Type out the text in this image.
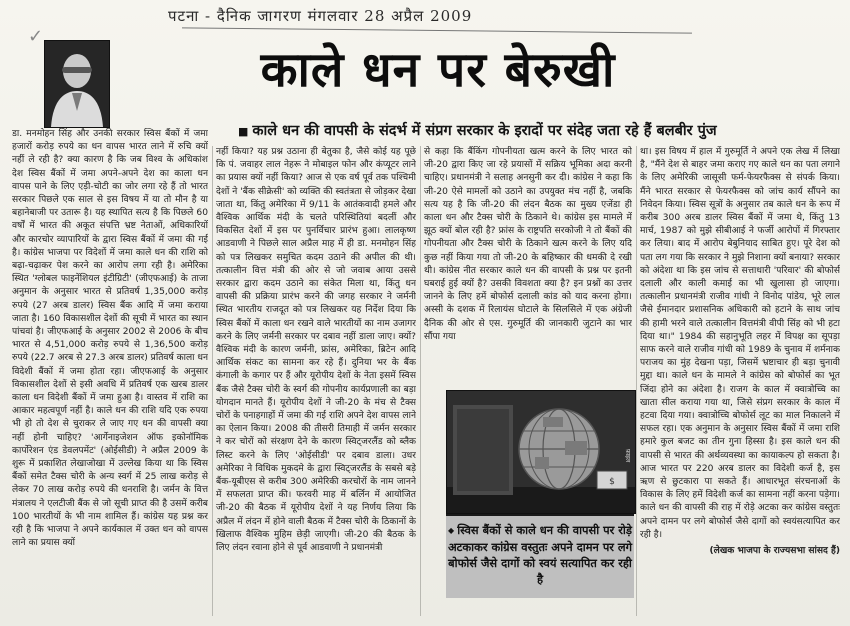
✓
पटना - दैनिक जागरण मंगलवार 28 अप्रैल 2009
काले धन पर बेरुखी
■ काले धन की वापसी के संदर्भ में संप्रग सरकार के इरादों पर संदेह जता रहे हैं बलबीर पुंज

डा. मनमोहन सिंह और उनकी सरकार स्विस बैंकों में जमा हजारों करोड़ रुपये का धन वापस भारत लाने में रुचि क्यों नहीं ले रही है? क्या कारण है कि जब विश्व के अधिकांश देश स्विस बैंकों में जमा अपने-अपने देश का काला धन वापस पाने के लिए एड़ी-चोटी का जोर लगा रहे हैं तो भारत सरकार पिछले एक साल से इस विषय में या तो मौन है या बहानेबाजी पर उतारू है। यह स्थापित सत्य है कि पिछले 60 वर्षों में भारत की अकूत संपत्ति भ्रष्ट नेताओं, अधिकारियों और कारचोर व्यापारियों के द्वारा स्विस बैंकों में जमा की गई है। कांग्रेस भाजपा पर विदेशों में जमा काले धन की राशि को बढ़ा-चढ़ाकर पेश करने का आरोप लगा रही है। अमेरिका स्थित 'ग्लोबल फाइनेंशियल इंटीग्रिटी' (जीएफआई) के ताजा अनुमान के अनुसार भारत से प्रतिवर्ष 1,35,000 करोड़ रुपये (27 अरब डालर) स्विस बैंक आदि में जमा कराया जाता है। 160 विकासशील देशों की सूची में भारत का स्थान पांचवां है। जीएफआई के अनुसार 2002 से 2006 के बीच भारत से 4,51,000 करोड़ रुपये से 1,36,500 करोड़ रुपये (22.7 अरब से 27.3 अरब डालर) प्रतिवर्ष काला धन विदेशी बैंकों में जमा होता रहा। जीएफआई के अनुसार विकासशील देशों से इसी अवधि में प्रतिवर्ष एक खरब डालर काला धन विदेशी बैंकों में जमा हुआ है। वास्तव में राशि का आकार महत्वपूर्ण नहीं है। काले धन की राशि यदि एक रुपया भी हो तो देश से चुराकर ले जाए गए धन की वापसी क्या नहीं होनी चाहिए? 'आर्गेनाइजेशन ऑफ इकोनॉमिक कार्पोरेशन एंड डेवलपमेंट' (ओईसीडी) ने अप्रैल 2009 के शुरू में प्रकाशित लेखाजोखा में उल्लेख किया था कि स्विस बैंकों समेत टैक्स चोरी के अन्य स्वर्ग में 25 लाख करोड़ से लेकर 70 लाख करोड़ रुपये की धनराशि है। जर्मन के वित्त मंत्रालय ने एलटीजी बैंक से जो सूची प्राप्त की है उसमें करीब 100 भारतीयों के भी नाम शामिल हैं। कांग्रेस यह प्रश्न कर रही है कि भाजपा ने अपने कार्यकाल में उक्त धन को वापस लाने का प्रयास क्यों

नहीं किया? यह प्रश्न उठाना ही बेतुका है, जैसे कोई यह पूछे कि पं. जवाहर लाल नेहरू ने मोबाइल फोन और कंप्यूटर लाने का प्रयास क्यों नहीं किया? आज से एक वर्ष पूर्व तक पश्चिमी देशों ने 'बैंक सीक्रेसी' को व्यक्ति की स्वतंत्रता से जोड़कर देखा जाता था, किंतु अमेरिका में 9/11 के आतंकवादी हमले और वैश्विक आर्थिक मंदी के चलते परिस्थितियां बदलीं और विकसित देशों में इस पर पुनर्विचार प्रारंभ हुआ। लालकृष्ण आडवाणी ने पिछले साल अप्रैल माह में ही डा. मनमोहन सिंह को पत्र लिखकर समुचित कदम उठाने की अपील की थी। तत्कालीन वित्त मंत्री की ओर से जो जवाब आया उससे सरकार द्वारा कदम उठाने का संकेत मिला था, किंतु धन वापसी की प्रक्रिया प्रारंभ करने की जगह सरकार ने जर्मनी स्थित भारतीय राजदूत को पत्र लिखकर यह निर्देश दिया कि स्विस बैंकों में काला धन रखने वाले भारतीयों का नाम उजागर करने के लिए जर्मनी सरकार पर दबाव नहीं डाला जाए। क्यों? वैश्विक मंदी के कारण जर्मनी, फ्रांस, अमेरिका, ब्रिटेन आदि आर्थिक संकट का सामना कर रहे हैं। दुनिया भर के बैंक कंगाली के कगार पर हैं और यूरोपीय देशों के नेता इसमें स्विस बैंक जैसे टैक्स चोरी के स्वर्ग की गोपनीय कार्यप्रणाली का बड़ा योगदान मानते हैं। यूरोपीय देशों ने जी-20 के मंच से टैक्स चोरों के पनाहगाहों में जमा की गई राशि अपने देश वापस लाने का ऐलान किया। 2008 की तीसरी तिमाही में जर्मन सरकार ने कर चोरों को संरक्षण देने के कारण स्विट्जरलैंड को ब्लैक लिस्ट करने के लिए 'ओईसीडी' पर दबाव डाला। उधर अमेरिका ने विधिक मुकदमे के द्वारा स्विट्जरलैंड के सबसे बड़े बैंक-यूबीएस से करीब 300 अमेरिकी करचोरों के नाम जानने में सफलता प्राप्त की। फरवरी माह में बर्लिन में आयोजित जी-20 की बैठक में यूरोपीय देशों ने यह निर्णय लिया कि अप्रैल में लंदन में होने वाली बैठक में टैक्स चोरी के ठिकानों के खिलाफ वैश्विक मुहिम छेड़ी जाएगी। जी-20 की बैठक के लिए लंदन रवाना होने से पूर्व आडवाणी ने प्रधानमंत्री

से कहा कि बैंकिंग गोपनीयता खत्म करने के लिए भारत को जी-20 द्वारा किए जा रहे प्रयासों में सक्रिय भूमिका अदा करनी चाहिए। प्रधानमंत्री ने सलाह अनसुनी कर दी। कांग्रेस ने कहा कि जी-20 ऐसे मामलों को उठाने का उपयुक्त मंच नहीं है, जबकि सत्य यह है कि जी-20 की लंदन बैठक का मुख्य एजेंडा ही काला धन और टैक्स चोरी के ठिकाने थे। कांग्रेस इस मामले में झूठ क्यों बोल रही है? फ्रांस के राष्ट्रपति सरकोजी ने तो बैंकों की गोपनीयता और टैक्स चोरी के ठिकाने खत्म करने के लिए यदि कुछ नहीं किया गया तो जी-20 के बहिष्कार की धमकी दे रखी थी। कांग्रेस नीत सरकार काले धन की वापसी के प्रश्न पर इतनी घबराई हुई क्यों है? उसकी विवशता क्या है? इन प्रश्नों का उत्तर जानने के लिए हमें बोफोर्स दलाली कांड को याद करना होगा। अस्सी के दशक में रिलायंस घोटाले के सिलसिले में एक अंग्रेजी दैनिक की ओर से एस. गुरुमूर्ति की जानकारी जुटाने का भार सौंपा गया

$
फ़ाइल
◆ स्विस बैंकों से काले धन की वापसी पर रोड़े अटकाकर कांग्रेस वस्तुतः अपने दामन पर लगे बोफोर्स जैसे दागों को स्वयं सत्यापित कर रही है

था। इस विषय में हाल में गुरुमूर्ति ने अपने एक लेख में लिखा है, "मैंने देश से बाहर जमा कराए गए काले धन का पता लगाने के लिए अमेरिकी जासूसी फर्म-फेयरफैक्स से संपर्क किया। मैंने भारत सरकार से फेयरफैक्स को जांच कार्य सौंपने का निवेदन किया। स्विस सूत्रों के अनुसार तब काले धन के रूप में करीब 300 अरब डालर स्विस बैंकों में जमा थे, किंतु 13 मार्च, 1987 को मुझे सीबीआई ने फर्जी आरोपों में गिरफ्तार कर लिया। बाद में आरोप बेबुनियाद साबित हुए। पूरे देश को पता लग गया कि सरकार ने मुझे निशाना क्यों बनाया? सरकार को अंदेशा था कि इस जांच से सत्ताधारी 'परिवार' की बोफोर्स दलाली और काली कमाई का भी खुलासा हो जाएगा। तत्कालीन प्रधानमंत्री राजीव गांधी ने विनोद पांडेय, भूरे लाल जैसे ईमानदार प्रशासनिक अधिकारी को हटाने के साथ जांच की हामी भरने वाले तत्कालीन वित्तमंत्री वीपी सिंह को भी हटा दिया था।" 1984 की सहानुभूति लहर में विपक्ष का सूपड़ा साफ करने वाले राजीव गांधी को 1989 के चुनाव में शर्मनाक पराजय का मुंह देखना पड़ा, जिसमें भ्रष्टाचार ही बड़ा चुनावी मुद्दा था। काले धन के मामले ने कांग्रेस को बोफोर्स का भूत जिंदा होने का अंदेशा है। राजग के काल में क्वात्रोच्चि का खाता सील कराया गया था, जिसे संप्रग सरकार के काल में हटवा दिया गया। क्वात्रोच्चि बोफोर्स लूट का माल निकालने में सफल रहा। एक अनुमान के अनुसार स्विस बैंकों में जमा राशि हमारे कुल बजट का तीन गुना हिस्सा है। इस काले धन की वापसी से भारत की अर्थव्यवस्था का कायाकल्प हो सकता है। आज भारत पर 220 अरब डालर का विदेशी कर्ज है, इस ऋण से छुटकारा पा सकते हैं। आधारभूत संरचनाओं के विकास के लिए हमें विदेशी कर्ज का सामना नहीं करना पड़ेगा। काले धन की वापसी की राह में रोड़े अटका कर कांग्रेस वस्तुतः अपने दामन पर लगे बोफोर्स जैसे दागों को स्वयंसत्यापित कर रही है।

(लेखक भाजपा के राज्यसभा सांसद हैं)
